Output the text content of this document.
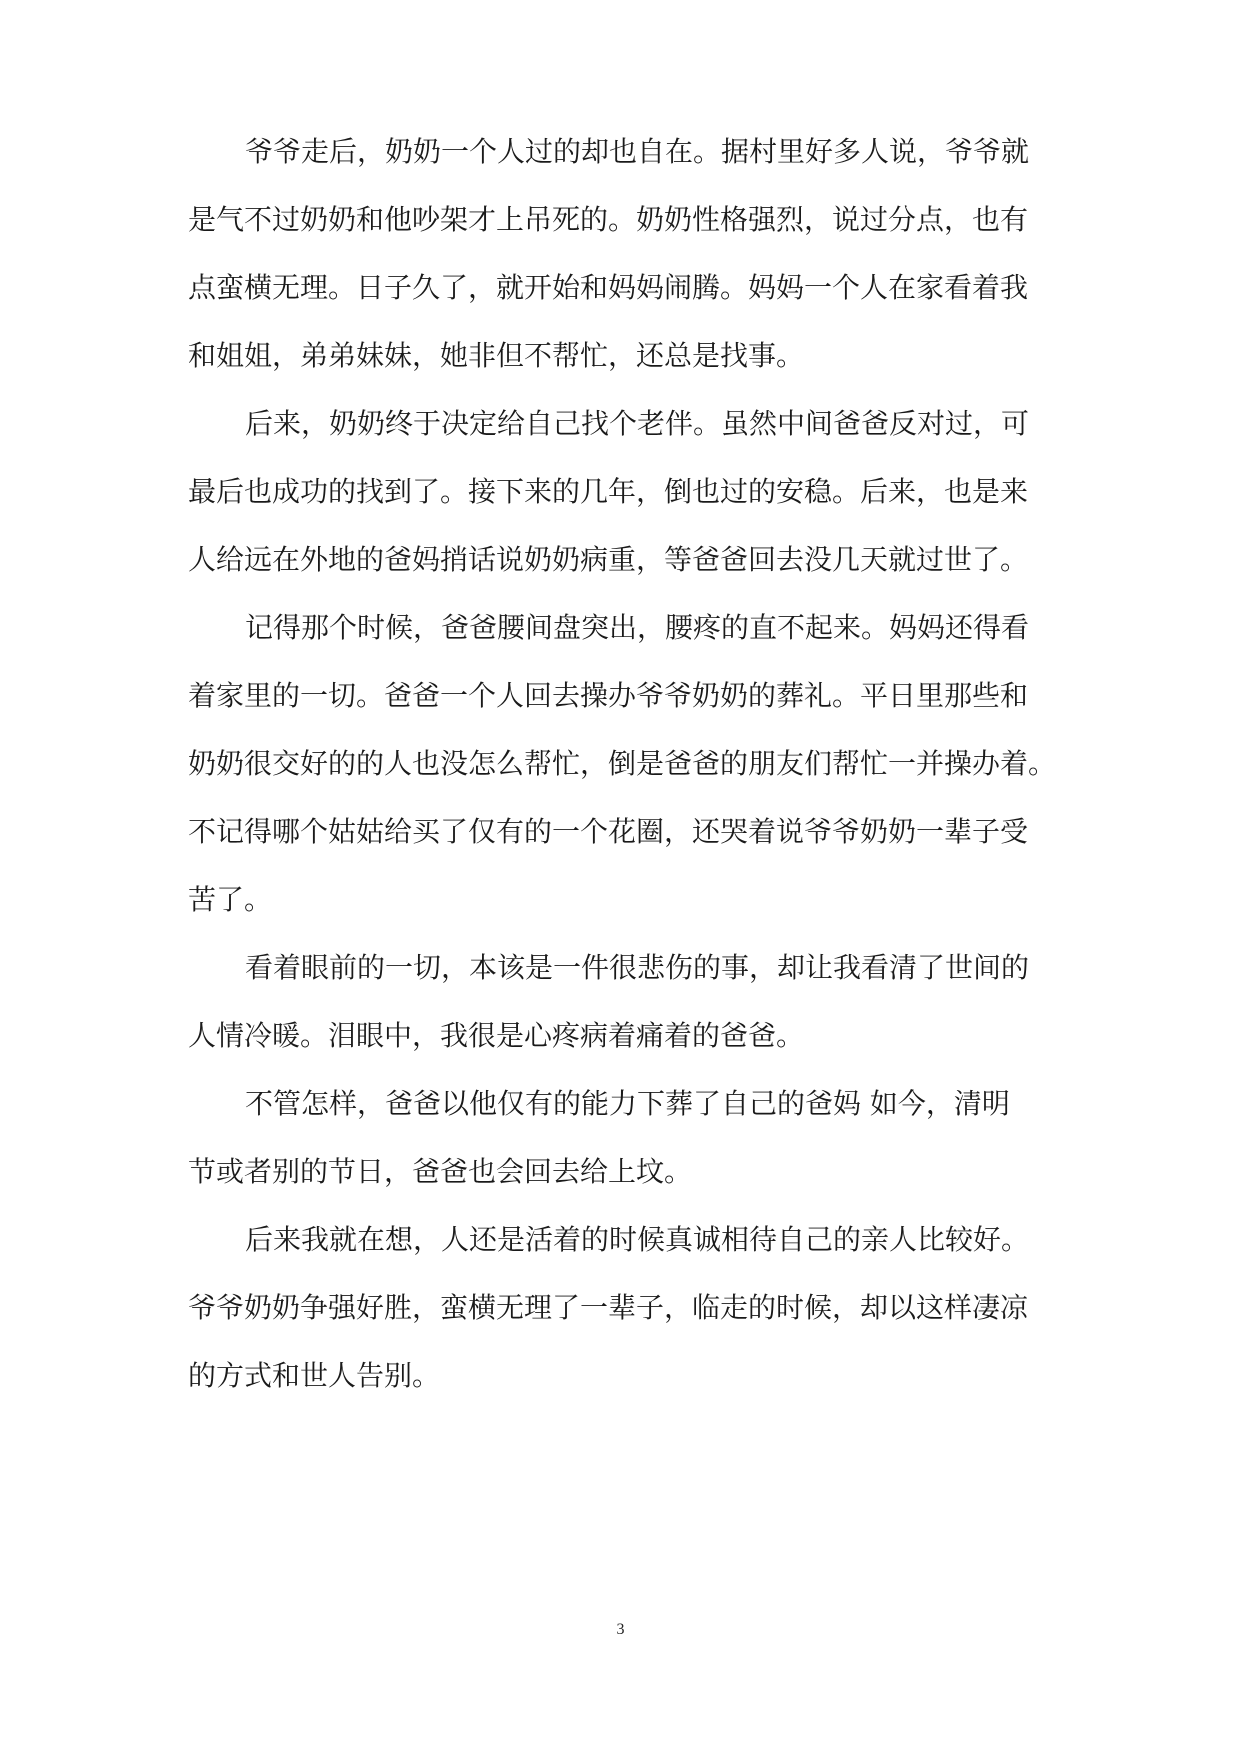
爷爷走后，奶奶一个人过的却也自在。据村里好多人说，爷爷就
是气不过奶奶和他吵架才上吊死的。奶奶性格强烈，说过分点，也有
点蛮横无理。日子久了，就开始和妈妈闹腾。妈妈一个人在家看着我
和姐姐，弟弟妹妹，她非但不帮忙，还总是找事。
后来，奶奶终于决定给自己找个老伴。虽然中间爸爸反对过，可
最后也成功的找到了。接下来的几年，倒也过的安稳。后来，也是来
人给远在外地的爸妈捎话说奶奶病重，等爸爸回去没几天就过世了。
记得那个时候，爸爸腰间盘突出，腰疼的直不起来。妈妈还得看
着家里的一切。爸爸一个人回去操办爷爷奶奶的葬礼。平日里那些和
奶奶很交好的的人也没怎么帮忙，倒是爸爸的朋友们帮忙一并操办着。
不记得哪个姑姑给买了仅有的一个花圈，还哭着说爷爷奶奶一辈子受
苦了。
看着眼前的一切，本该是一件很悲伤的事，却让我看清了世间的
人情冷暖。泪眼中，我很是心疼病着痛着的爸爸。
不管怎样，爸爸以他仅有的能力下葬了自己的爸妈 如今，清明
节或者别的节日，爸爸也会回去给上坟。
后来我就在想，人还是活着的时候真诚相待自己的亲人比较好。
爷爷奶奶争强好胜，蛮横无理了一辈子，临走的时候，却以这样凄凉
的方式和世人告别。
3
